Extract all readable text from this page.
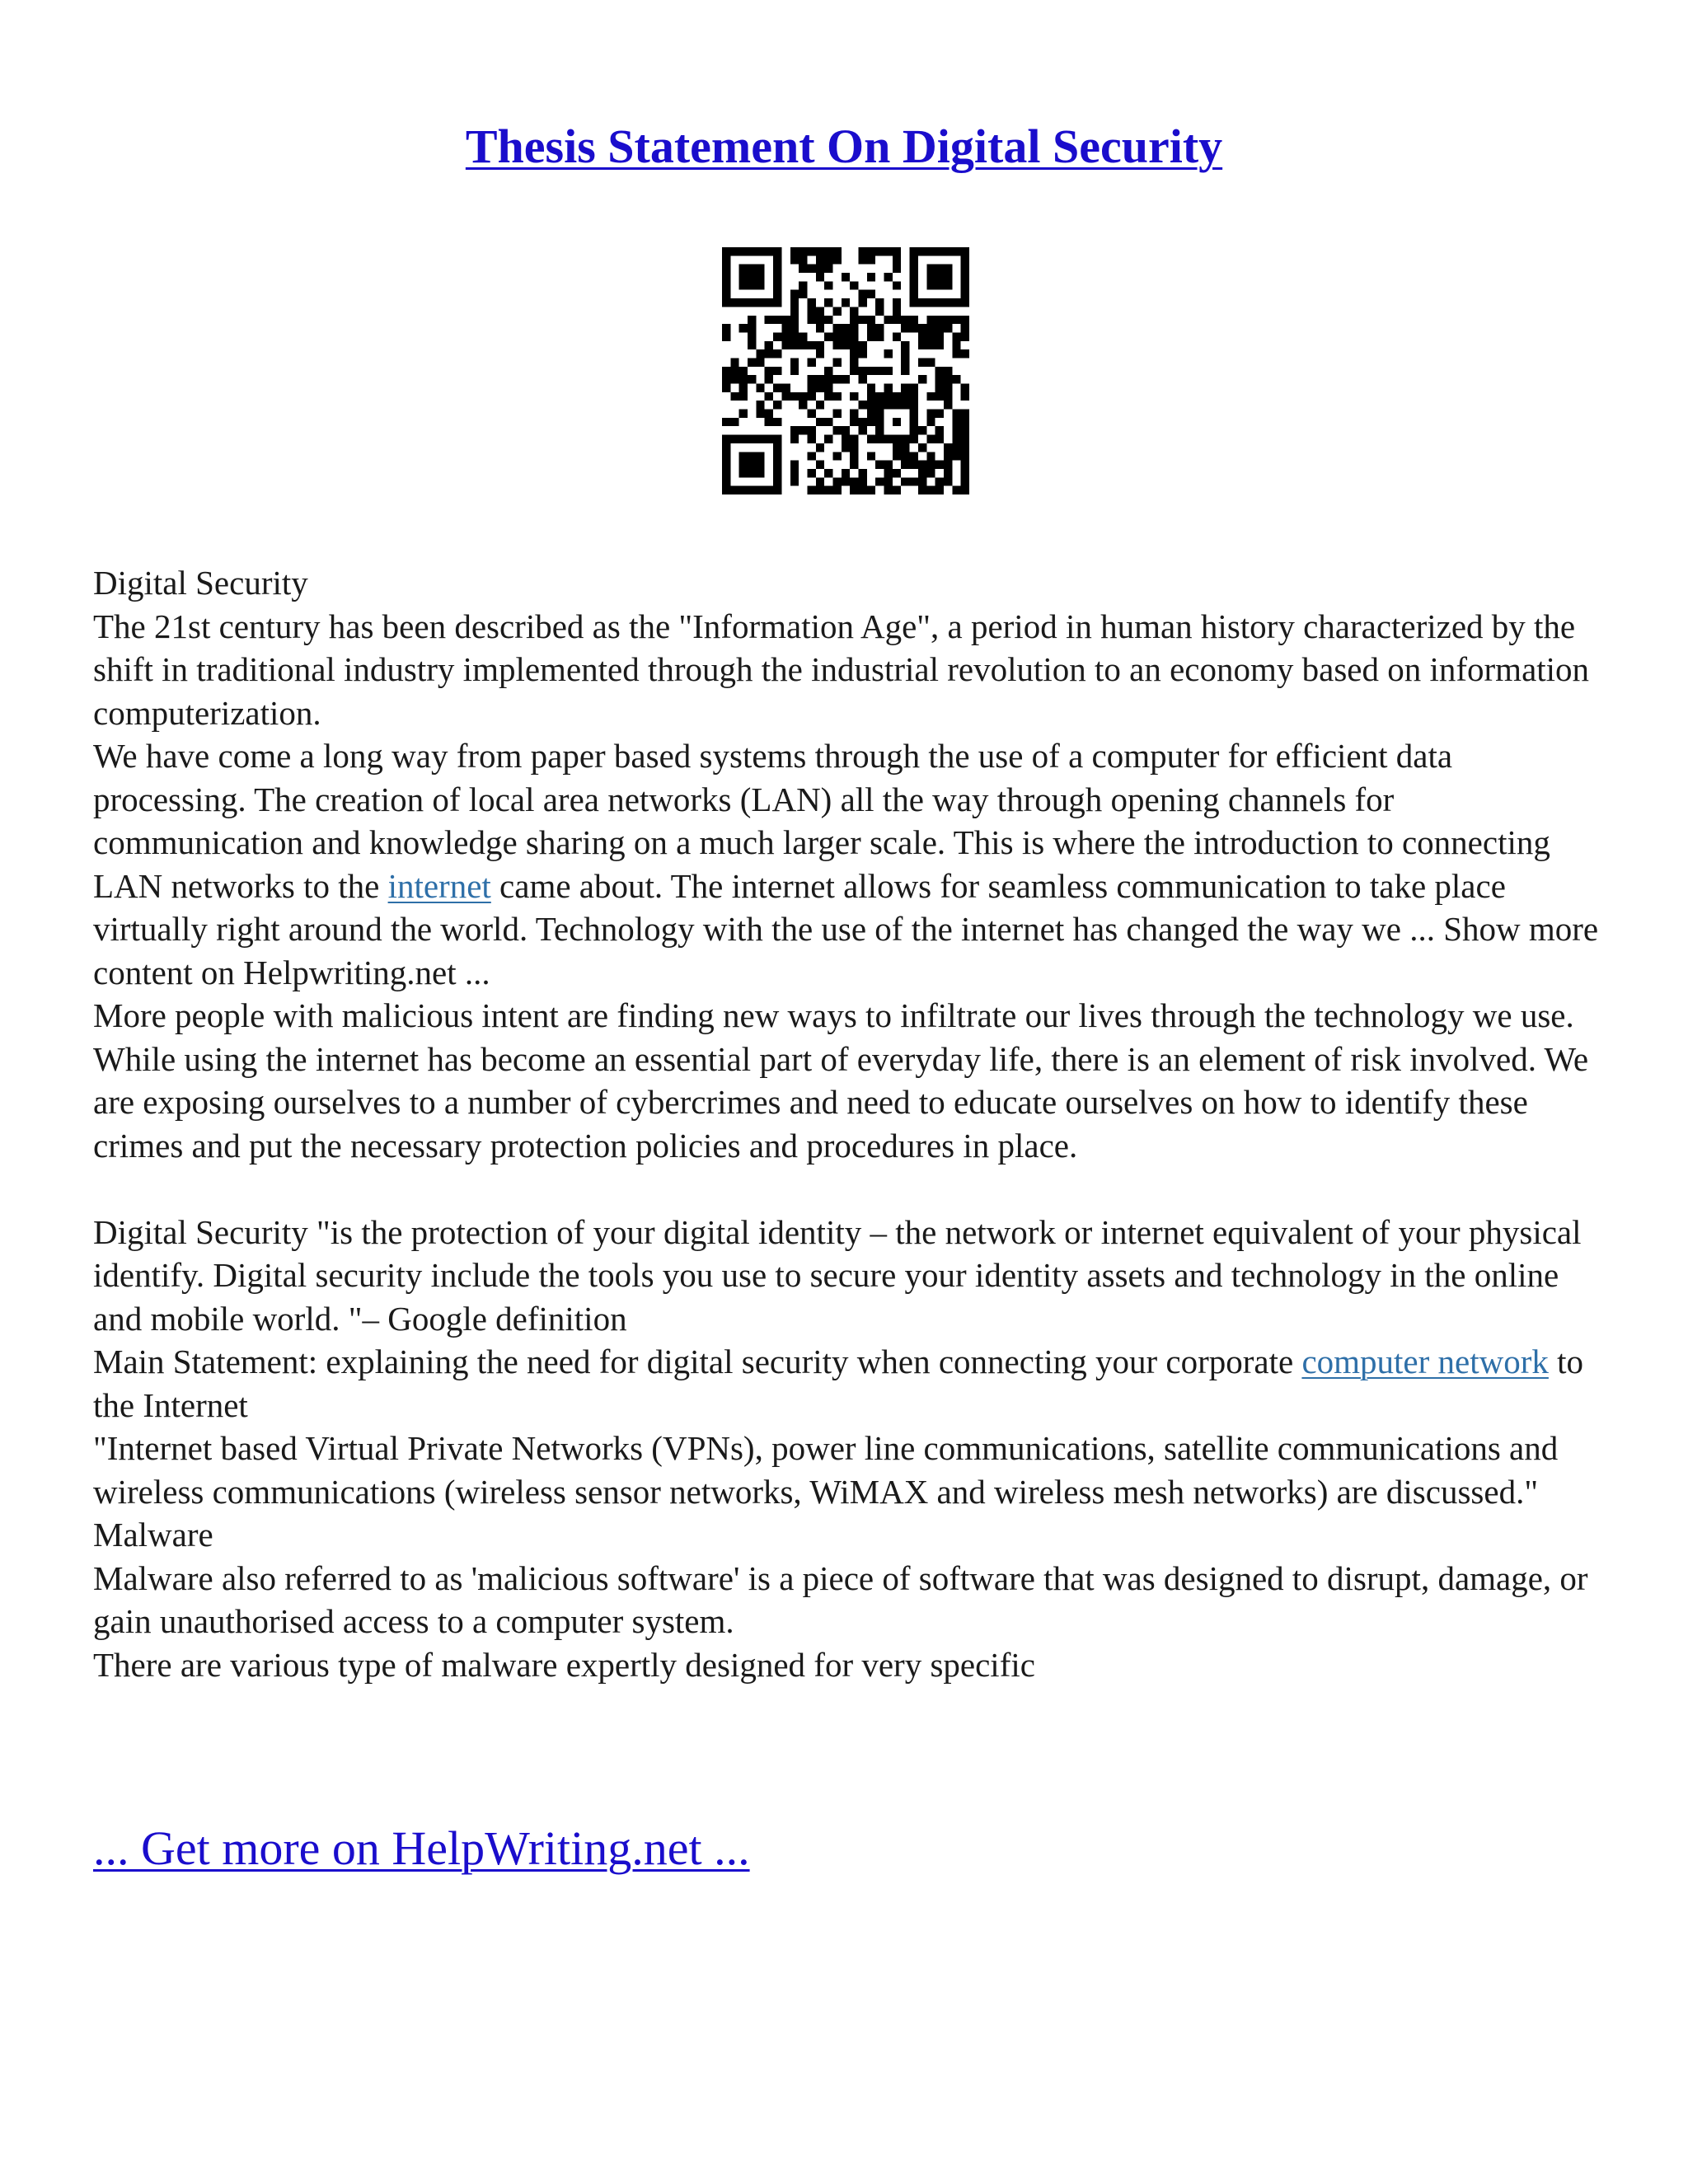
Thesis Statement On Digital Security

Digital Security

The 21st century has been described as the "Information Age", a period in human history characterized by the shift in traditional industry implemented through the industrial revolution to an economy based on information computerization.

We have come a long way from paper based systems through the use of a computer for efficient data processing. The creation of local area networks (LAN) all the way through opening channels for communication and knowledge sharing on a much larger scale. This is where the introduction to connecting LAN networks to the internet came about. The internet allows for seamless communication to take place virtually right around the world. Technology with the use of the internet has changed the way we ... Show more content on Helpwriting.net ...

More people with malicious intent are finding new ways to infiltrate our lives through the technology we use. While using the internet has become an essential part of everyday life, there is an element of risk involved. We are exposing ourselves to a number of cybercrimes and need to educate ourselves on how to identify these crimes and put the necessary protection policies and procedures in place.

Digital Security "is the protection of your digital identity – the network or internet equivalent of your physical identify. Digital security include the tools you use to secure your identity assets and technology in the online and mobile world. "– Google definition

Main Statement: explaining the need for digital security when connecting your corporate computer network to the Internet

"Internet based Virtual Private Networks (VPNs), power line communications, satellite communications and wireless communications (wireless sensor networks, WiMAX and wireless mesh networks) are discussed."

Malware

Malware also referred to as 'malicious software' is a piece of software that was designed to disrupt, damage, or gain unauthorised access to a computer system.

There are various type of malware expertly designed for very specific

... Get more on HelpWriting.net ...
